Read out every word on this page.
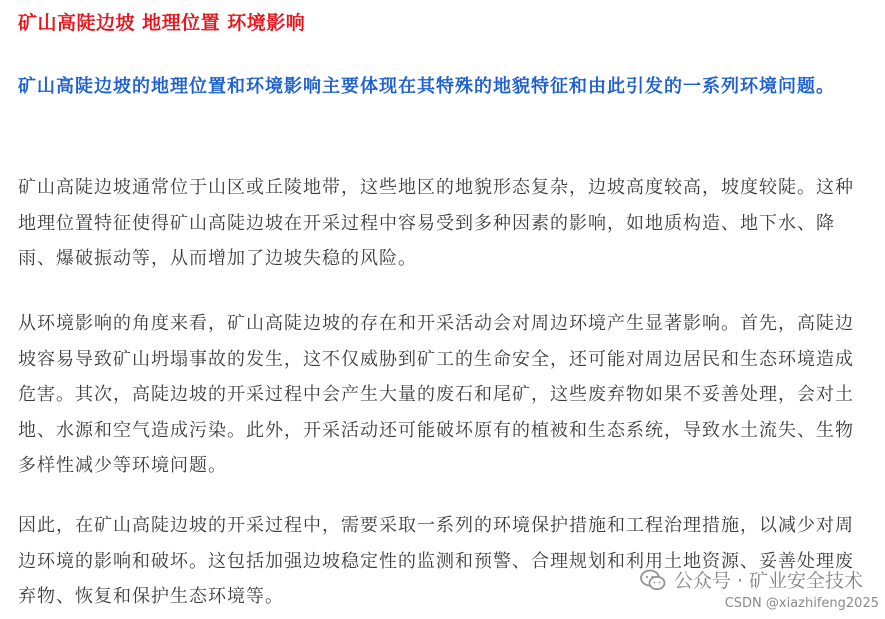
矿山高陡边坡 地理位置 环境影响

矿山高陡边坡的地理位置和环境影响主要体现在其特殊的地貌特征和由此引发的一系列环境问题。

矿山高陡边坡通常位于山区或丘陵地带，这些地区的地貌形态复杂，边坡高度较高，坡度较陡。这种地理位置特征使得矿山高陡边坡在开采过程中容易受到多种因素的影响，如地质构造、地下水、降雨、爆破振动等，从而增加了边坡失稳的风险。

从环境影响的角度来看，矿山高陡边坡的存在和开采活动会对周边环境产生显著影响。首先，高陡边坡容易导致矿山坍塌事故的发生，这不仅威胁到矿工的生命安全，还可能对周边居民和生态环境造成危害。其次，高陡边坡的开采过程中会产生大量的废石和尾矿，这些废弃物如果不妥善处理，会对土地、水源和空气造成污染。此外，开采活动还可能破坏原有的植被和生态系统，导致水土流失、生物多样性减少等环境问题。

因此，在矿山高陡边坡的开采过程中，需要采取一系列的环境保护措施和工程治理措施，以减少对周边环境的影响和破坏。这包括加强边坡稳定性的监测和预警、合理规划和利用土地资源、妥善处理废弃物、恢复和保护生态环境等。

公众号 · 矿业安全技术
CSDN @xiazhifeng2025
